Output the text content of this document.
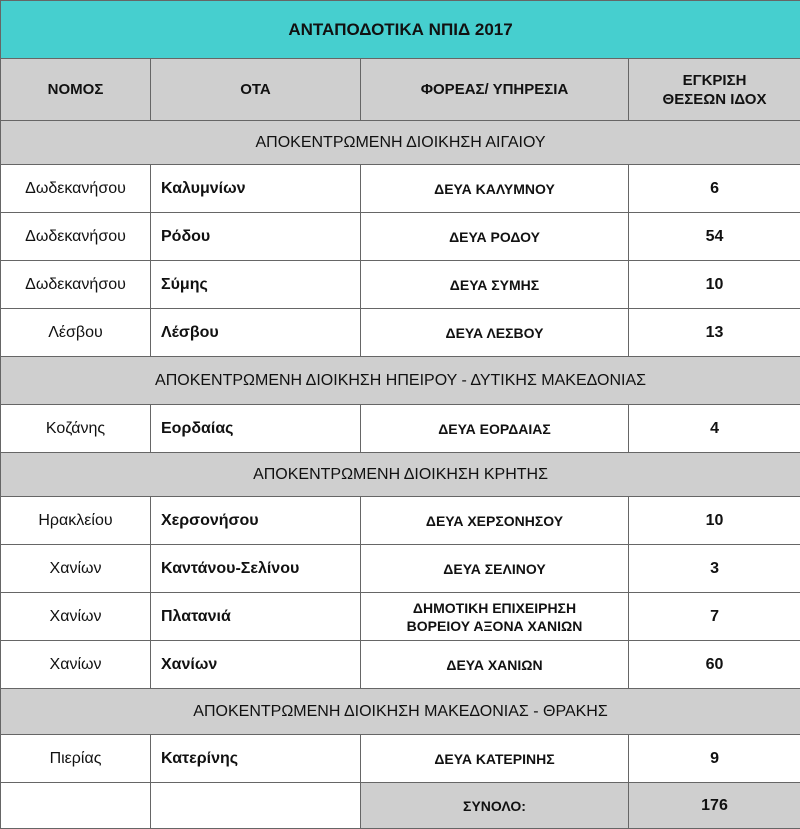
ΑΝΤΑΠΟΔΟΤΙΚΑ ΝΠΙΔ 2017			
ΝΟΜΟΣ	ΟΤΑ	ΦΟΡΕΑΣ/ ΥΠΗΡΕΣΙΑ	ΕΓΚΡΙΣΗ
ΘΕΣΕΩΝ ΙΔΟΧ

ΑΠΟΚΕΝΤΡΩΜΕΝΗ ΔΙΟΙΚΗΣΗ ΑΙΓΑΙΟΥ			
Δωδεκανήσου	Καλυμνίων	ΔΕΥΑ ΚΑΛΥΜΝΟΥ	6
Δωδεκανήσου	Ρόδου	ΔΕΥΑ ΡΟΔΟΥ	54
Δωδεκανήσου	Σύμης	ΔΕΥΑ ΣΥΜΗΣ	10
Λέσβου	Λέσβου	ΔΕΥΑ ΛΕΣΒΟΥ	13
ΑΠΟΚΕΝΤΡΩΜΕΝΗ ΔΙΟΙΚΗΣΗ ΗΠΕΙΡΟΥ - ΔΥΤΙΚΗΣ ΜΑΚΕΔΟΝΙΑΣ			
Κοζάνης	Εορδαίας	ΔΕΥΑ ΕΟΡΔΑΙΑΣ	4
ΑΠΟΚΕΝΤΡΩΜΕΝΗ ΔΙΟΙΚΗΣΗ ΚΡΗΤΗΣ			
Ηρακλείου	Χερσονήσου	ΔΕΥΑ ΧΕΡΣΟΝΗΣΟΥ	10
Χανίων	Καντάνου-Σελίνου	ΔΕΥΑ ΣΕΛΙΝΟΥ	3
Χανίων	Πλατανιά	ΔΗΜΟΤΙΚΗ ΕΠΙΧΕΙΡΗΣΗ
ΒΟΡΕΙΟΥ ΑΞΟΝΑ ΧΑΝΙΩΝ	7
Χανίων	Χανίων	ΔΕΥΑ ΧΑΝΙΩΝ	60
ΑΠΟΚΕΝΤΡΩΜΕΝΗ ΔΙΟΙΚΗΣΗ ΜΑΚΕΔΟΝΙΑΣ - ΘΡΑΚΗΣ			
Πιερίας	Κατερίνης	ΔΕΥΑ ΚΑΤΕΡΙΝΗΣ	9
		ΣΥΝΟΛΟ:	176
